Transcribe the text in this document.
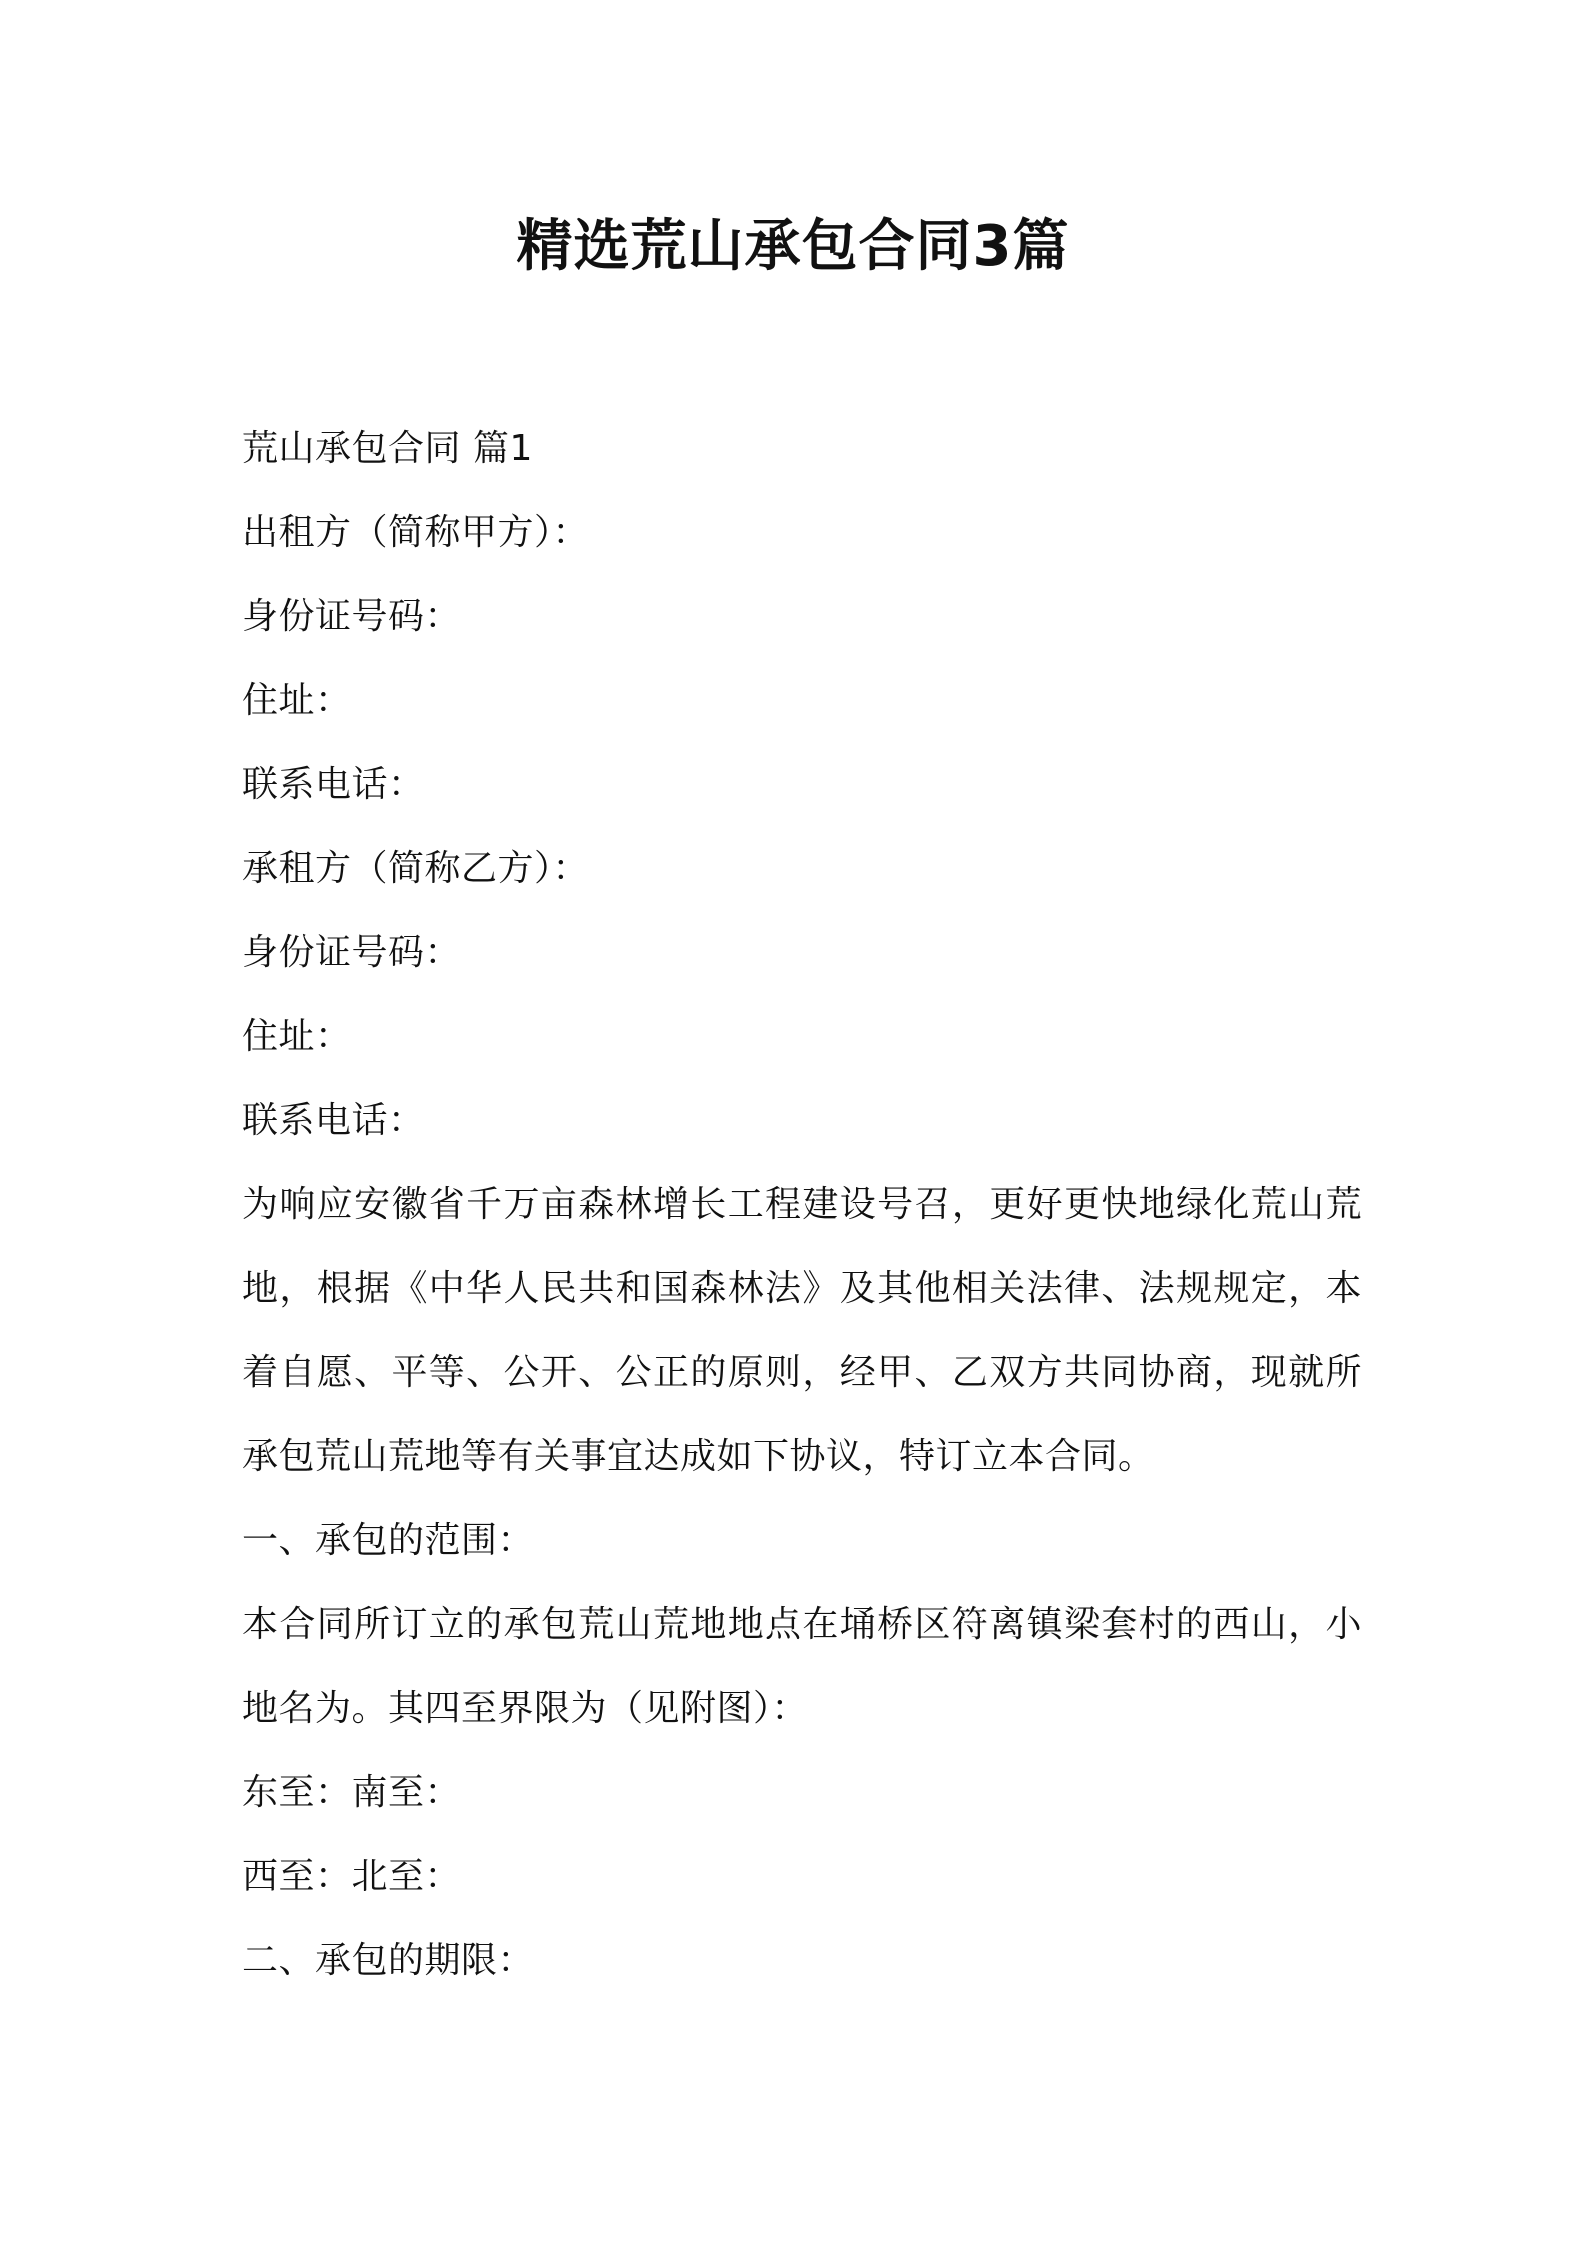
精选荒山承包合同3篇
荒山承包合同 篇1
出租方（简称甲方）：
身份证号码：
住址：
联系电话：
承租方（简称乙方）：
身份证号码：
住址：
联系电话：

为响应安徽省千万亩森林增长工程建设号召，更好更快地绿化荒山荒地，根据《中华人民共和国森林法》及其他相关法律、法规规定，本着自愿、平等、公开、公正的原则，经甲、乙双方共同协商，现就所承包荒山荒地等有关事宜达成如下协议，特订立本合同。

一、承包的范围：

本合同所订立的承包荒山荒地地点在埇桥区符离镇梁套村的西山，小地名为。其四至界限为（见附图）：

东至：南至：
西至：北至：
二、承包的期限：
